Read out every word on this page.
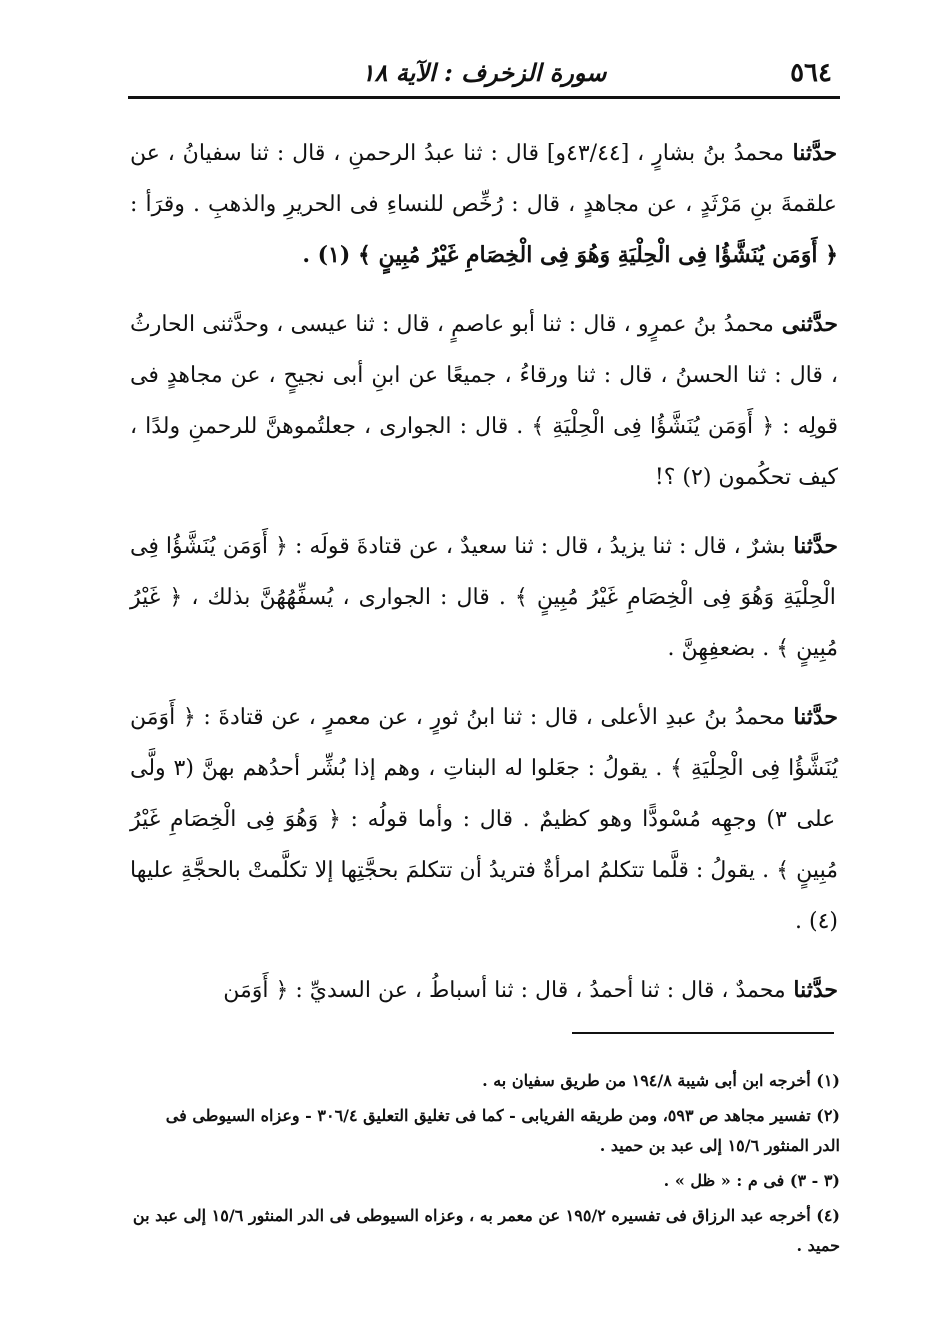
٥٦٤
سورة الزخرف : الآية ١٨

حدَّثنا محمدُ بنُ بشارٍ ، [٤٣/٤٤و] قال : ثنا عبدُ الرحمنِ ، قال : ثنا سفيانُ ، عن علقمةَ بنِ مَرْثَدٍ ، عن مجاهدٍ ، قال : رُخِّص للنساءِ فى الحريرِ والذهبِ . وقرَأ : ﴿ أَوَمَن يُنَشَّؤُا فِى الْحِلْيَةِ وَهُوَ فِى الْخِصَامِ غَيْرُ مُبِينٍ ﴾ (١) .

حدَّثنى محمدُ بنُ عمرٍو ، قال : ثنا أبو عاصمٍ ، قال : ثنا عيسى ، وحدَّثنى الحارثُ ، قال : ثنا الحسنُ ، قال : ثنا ورقاءُ ، جميعًا عن ابنِ أبى نجيحٍ ، عن مجاهدٍ فى قولِه : ﴿ أَوَمَن يُنَشَّؤُا فِى الْحِلْيَةِ ﴾ . قال : الجوارى ، جعلتُموهنَّ للرحمنِ ولدًا ، كيف تحكُمون (٢) ؟!

حدَّثنا بشرٌ ، قال : ثنا يزيدُ ، قال : ثنا سعيدٌ ، عن قتادةَ قولَه : ﴿ أَوَمَن يُنَشَّؤُا فِى الْحِلْيَةِ وَهُوَ فِى الْخِصَامِ غَيْرُ مُبِينٍ ﴾ . قال : الجوارى ، يُسفِّهُهُنَّ بذلك ، ﴿ غَيْرُ مُبِينٍ ﴾ . بضعفِهِنَّ .

حدَّثنا محمدُ بنُ عبدِ الأعلى ، قال : ثنا ابنُ ثورٍ ، عن معمرٍ ، عن قتادةَ : ﴿ أَوَمَن يُنَشَّؤُا فِى الْحِلْيَةِ ﴾ . يقولُ : جعَلوا له البناتِ ، وهم إذا بُشِّر أحدُهم بهنَّ (٣ ولَّى على ٣) وجهِه مُسْودًّا وهو كظيمٌ . قال : وأما قولُه : ﴿ وَهُوَ فِى الْخِصَامِ غَيْرُ مُبِينٍ ﴾ . يقولُ : قلَّما تتكلمُ امرأةٌ فتريدُ أن تتكلمَ بحجَّتِها إلا تكلَّمتْ بالحجَّةِ عليها (٤) .

حدَّثنا محمدٌ ، قال : ثنا أحمدُ ، قال : ثنا أسباطُ ، عن السديِّ : ﴿ أَوَمَن

(١) أخرجه ابن أبى شيبة ١٩٤/٨ من طريق سفيان به .

(٢) تفسير مجاهد ص ٥٩٣، ومن طريقه الفريابى - كما فى تغليق التعليق ٣٠٦/٤ - وعزاه السيوطى فى

الدر المنثور ١٥/٦ إلى عبد بن حميد .

(٣ - ٣) فى م : « ظل » .

(٤) أخرجه عبد الرزاق فى تفسيره ١٩٥/٢ عن معمر به ، وعزاه السيوطى فى الدر المنثور ١٥/٦ إلى عبد بن

حميد .
